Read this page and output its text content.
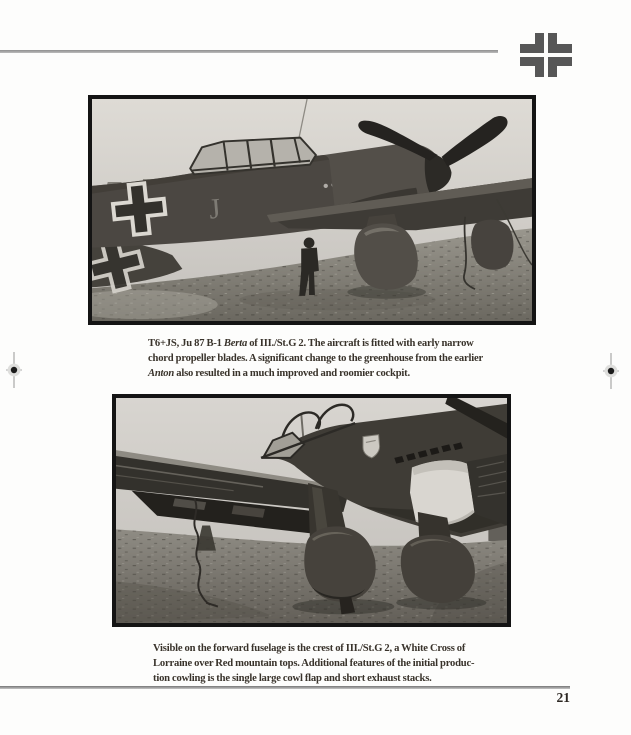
J
T6+JS, Ju 87 B-1 Berta of III./St.G 2. The aircraft is fitted with early narrow
chord propeller blades. A significant change to the greenhouse from the earlier
Anton also resulted in a much improved and roomier cockpit.
Visible on the forward fuselage is the crest of III./St.G 2, a White Cross of
Lorraine over Red mountain tops. Additional features of the initial produc-
tion cowling is the single large cowl flap and short exhaust stacks.
21
